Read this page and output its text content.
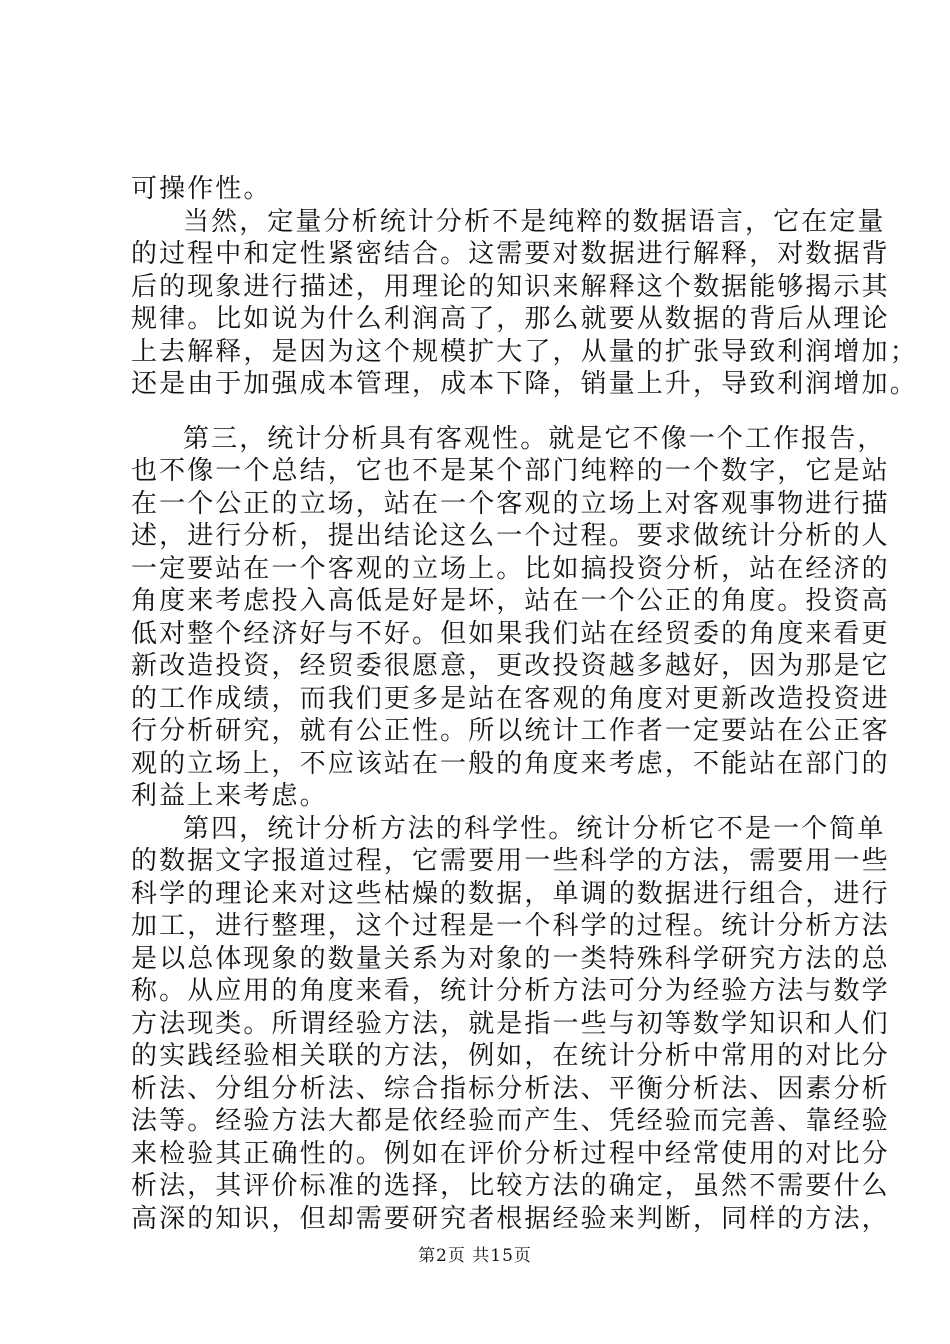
可操作性。
当然，定量分析统计分析不是纯粹的数据语言，它在定量
的过程中和定性紧密结合。这需要对数据进行解释，对数据背
后的现象进行描述，用理论的知识来解释这个数据能够揭示其
规律。比如说为什么利润高了，那么就要从数据的背后从理论
上去解释，是因为这个规模扩大了，从量的扩张导致利润增加；
还是由于加强成本管理，成本下降，销量上升，导致利润增加。
第三，统计分析具有客观性。就是它不像一个工作报告，
也不像一个总结，它也不是某个部门纯粹的一个数字，它是站
在一个公正的立场，站在一个客观的立场上对客观事物进行描
述，进行分析，提出结论这么一个过程。要求做统计分析的人
一定要站在一个客观的立场上。比如搞投资分析，站在经济的
角度来考虑投入高低是好是坏，站在一个公正的角度。投资高
低对整个经济好与不好。但如果我们站在经贸委的角度来看更
新改造投资，经贸委很愿意，更改投资越多越好，因为那是它
的工作成绩，而我们更多是站在客观的角度对更新改造投资进
行分析研究，就有公正性。所以统计工作者一定要站在公正客
观的立场上，不应该站在一般的角度来考虑，不能站在部门的
利益上来考虑。
第四，统计分析方法的科学性。统计分析它不是一个简单
的数据文字报道过程，它需要用一些科学的方法，需要用一些
科学的理论来对这些枯燥的数据，单调的数据进行组合，进行
加工，进行整理，这个过程是一个科学的过程。统计分析方法
是以总体现象的数量关系为对象的一类特殊科学研究方法的总
称。从应用的角度来看，统计分析方法可分为经验方法与数学
方法现类。所谓经验方法，就是指一些与初等数学知识和人们
的实践经验相关联的方法，例如，在统计分析中常用的对比分
析法、分组分析法、综合指标分析法、平衡分析法、因素分析
法等。经验方法大都是依经验而产生、凭经验而完善、靠经验
来检验其正确性的。例如在评价分析过程中经常使用的对比分
析法，其评价标准的选择，比较方法的确定，虽然不需要什么
高深的知识，但却需要研究者根据经验来判断，同样的方法，
第2页 共15页
